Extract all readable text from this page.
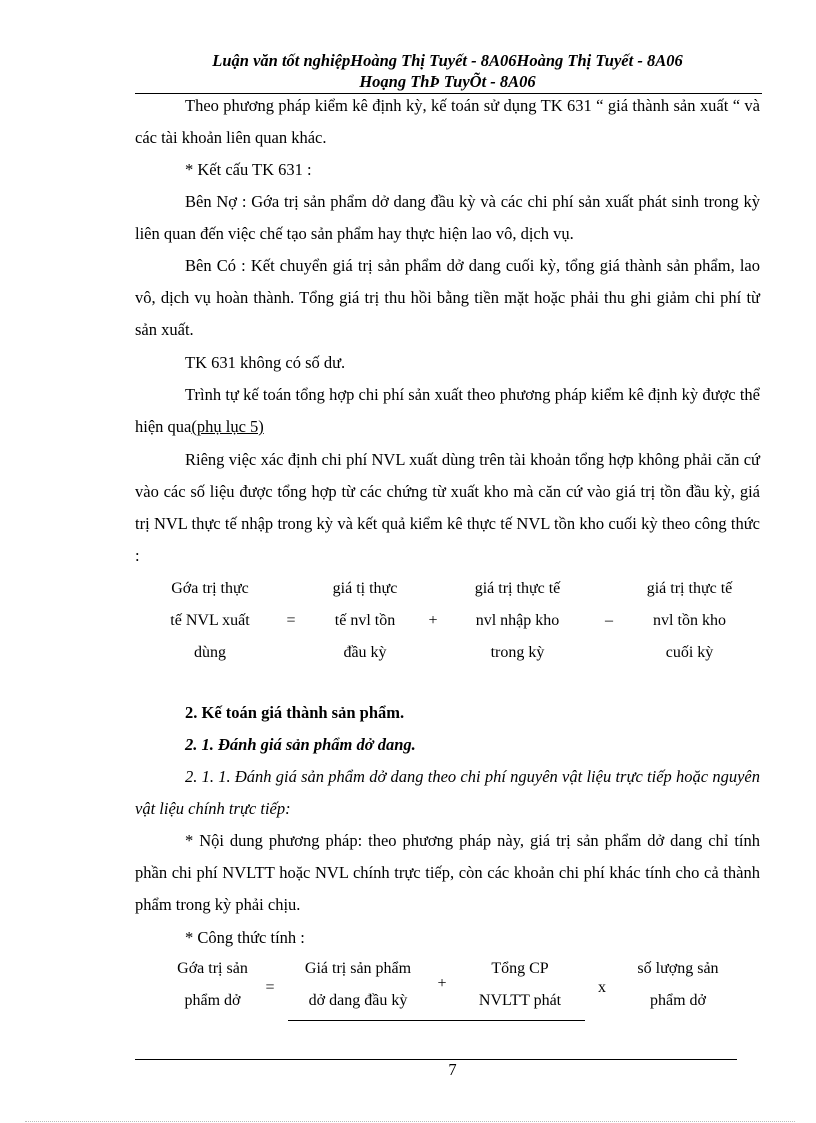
Luận văn tốt nghiệpHoàng Thị Tuyết - 8A06Hoàng Thị Tuyết - 8A06
Hoạng ThÞ TuyÕt - 8A06
Theo phương pháp kiểm kê định kỳ, kế toán sử dụng TK 631 “ giá thành sản xuất “ và các tài khoản liên quan khác.
* Kết cấu TK 631 :
Bên Nợ : Gớa trị sản phẩm dở dang đầu kỳ và các chi phí sản xuất phát sinh trong kỳ liên quan đến việc chế tạo sản phẩm hay thực hiện lao vô, dịch vụ.
Bên Có : Kết chuyển giá trị sản phẩm dở dang cuối kỳ, tổng giá thành sản phẩm, lao vô, dịch vụ hoàn thành. Tổng giá trị thu hồi bằng tiền mặt hoặc phải thu ghi giảm chi phí từ sản xuất.
TK 631 không có số dư.
Trình tự kế toán tổng hợp chi phí sản xuất theo phương pháp kiểm kê định kỳ được thể hiện qua(phụ lục 5)
Riêng việc xác định chi phí NVL xuất dùng trên tài khoản tổng hợp không phải căn cứ vào các số liệu được tổng hợp từ các chứng từ xuất kho mà căn cứ vào giá trị tồn đầu kỳ, giá trị NVL thực tế nhập trong kỳ và kết quả kiểm kê thực tế NVL tồn kho cuối kỳ theo công thức :
Gớa trị thực
tế NVL xuất
dùng
=
giá tị thực
tế nvl tồn
đầu kỳ
+
giá trị thực tế
nvl nhập kho
trong kỳ
–
giá trị thực tế
nvl tồn kho
cuối kỳ
2. Kế toán giá thành sản phẩm.
2. 1. Đánh giá sản phẩm dở dang.
2. 1. 1. Đánh giá sản phẩm dở dang theo chi phí nguyên vật liệu trực tiếp hoặc nguyên vật liệu chính trực tiếp:
* Nội dung phương pháp: theo phương pháp này, giá trị sản phẩm dở dang chỉ tính phần chi phí NVLTT hoặc NVL chính trực tiếp, còn các khoản chi phí khác tính cho cả thành phẩm trong kỳ phải chịu.
* Công thức tính :
Gớa trị sản
phẩm dở
=
Giá trị sản phẩm
dở dang đầu kỳ
+
Tổng CP
NVLTT phát
x
số lượng sản
phẩm dở
7
